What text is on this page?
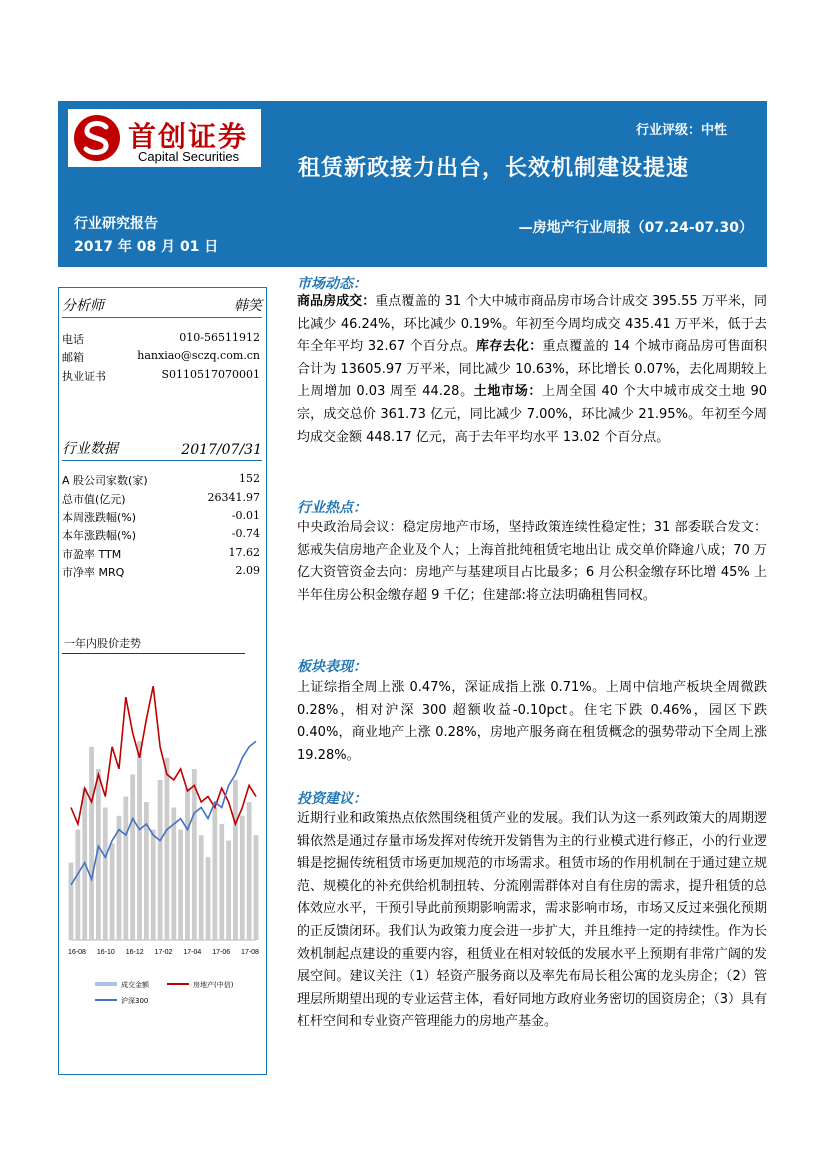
首创证券
Capital Securities
行业评级：中性
租赁新政接力出台，长效机制建设提速
行业研究报告
2017 年 08 月 01 日
—房地产行业周报（07.24-07.30）
分析师	韩笑
电话	010-56511912
邮箱	hanxiao@sczq.com.cn
执业证书	S0110517070001
行业数据	2017/07/31
A 股公司家数(家)	152
总市值(亿元)	26341.97
本周涨跌幅(%)	-0.01
本年涨跌幅(%)	-0.74
市盈率 TTM	17.62
市净率 MRQ	2.09
一年内股价走势
16-08 16-10 16-12 17-02 17-04 17-06 17-08
成交金额	房地产(中信)
沪深300
市场动态：
商品房成交：重点覆盖的 31 个大中城市商品房市场合计成交 395.55 万平米，同比减少 46.24%，环比减少 0.19%。年初至今周均成交 435.41 万平米，低于去年全年平均 32.67 个百分点。库存去化：重点覆盖的 14 个城市商品房可售面积合计为 13605.97 万平米，同比减少 10.63%，环比增长 0.07%，去化周期较上上周增加 0.03 周至 44.28。土地市场：上周全国 40 个大中城市成交土地 90 宗，成交总价 361.73 亿元，同比减少 7.00%，环比减少 21.95%。年初至今周均成交金额 448.17 亿元，高于去年平均水平 13.02 个百分点。
行业热点：
中央政治局会议：稳定房地产市场，坚持政策连续性稳定性；31 部委联合发文：惩戒失信房地产企业及个人；上海首批纯租赁宅地出让 成交单价降逾八成；70 万亿大资管资金去向：房地产与基建项目占比最多；6 月公积金缴存环比增 45% 上半年住房公积金缴存超 9 千亿；住建部:将立法明确租售同权。
板块表现：
上证综指全周上涨 0.47%，深证成指上涨 0.71%。上周中信地产板块全周微跌 0.28%，相对沪深 300 超额收益-0.10pct。住宅下跌 0.46%，园区下跌 0.40%，商业地产上涨 0.28%，房地产服务商在租赁概念的强势带动下全周上涨 19.28%。
投资建议：
近期行业和政策热点依然围绕租赁产业的发展。我们认为这一系列政策大的周期逻辑依然是通过存量市场发挥对传统开发销售为主的行业模式进行修正，小的行业逻辑是挖掘传统租赁市场更加规范的市场需求。租赁市场的作用机制在于通过建立规范、规模化的补充供给机制扭转、分流刚需群体对自有住房的需求，提升租赁的总体效应水平，干预引导此前预期影响需求，需求影响市场，市场又反过来强化预期的正反馈闭环。我们认为政策力度会进一步扩大，并且维持一定的持续性。作为长效机制起点建设的重要内容，租赁业在相对较低的发展水平上预期有非常广阔的发展空间。建议关注（1）轻资产服务商以及率先布局长租公寓的龙头房企；（2）管理层所期望出现的专业运营主体，看好同地方政府业务密切的国资房企；（3）具有杠杆空间和专业资产管理能力的房地产基金。
